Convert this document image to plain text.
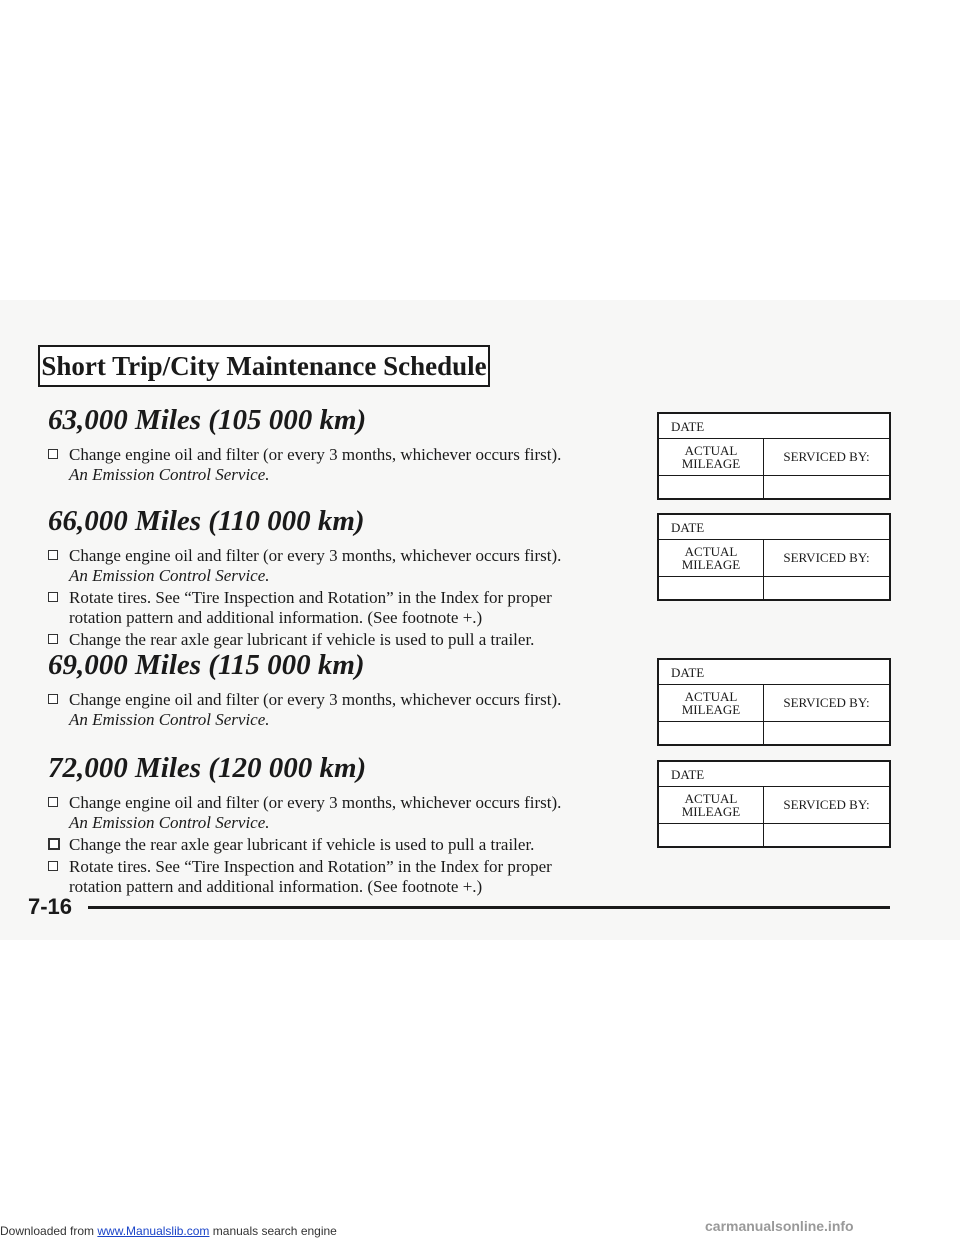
Short Trip/City Maintenance Schedule
63,000 Miles (105 000 km)
Change engine oil and filter (or every 3 months, whichever occurs first).
An Emission Control Service.
66,000 Miles (110 000 km)
Change engine oil and filter (or every 3 months, whichever occurs first).
An Emission Control Service.
Rotate tires. See “Tire Inspection and Rotation” in the Index for proper rotation pattern and additional information. (See footnote +.)
Change the rear axle gear lubricant if vehicle is used to pull a trailer.
69,000 Miles (115 000 km)
Change engine oil and filter (or every 3 months, whichever occurs first).
An Emission Control Service.
72,000 Miles (120 000 km)
Change engine oil and filter (or every 3 months, whichever occurs first).
An Emission Control Service.
Change the rear axle gear lubricant if vehicle is used to pull a trailer.
Rotate tires. See “Tire Inspection and Rotation” in the Index for proper rotation pattern and additional information. (See footnote +.)
DATE
ACTUAL
MILEAGE	SERVICED BY:
DATE
ACTUAL
MILEAGE	SERVICED BY:
DATE
ACTUAL
MILEAGE	SERVICED BY:
DATE
ACTUAL
MILEAGE	SERVICED BY:
7-16
Downloaded from www.Manualslib.com manuals search engine	carmanualsonline.info
